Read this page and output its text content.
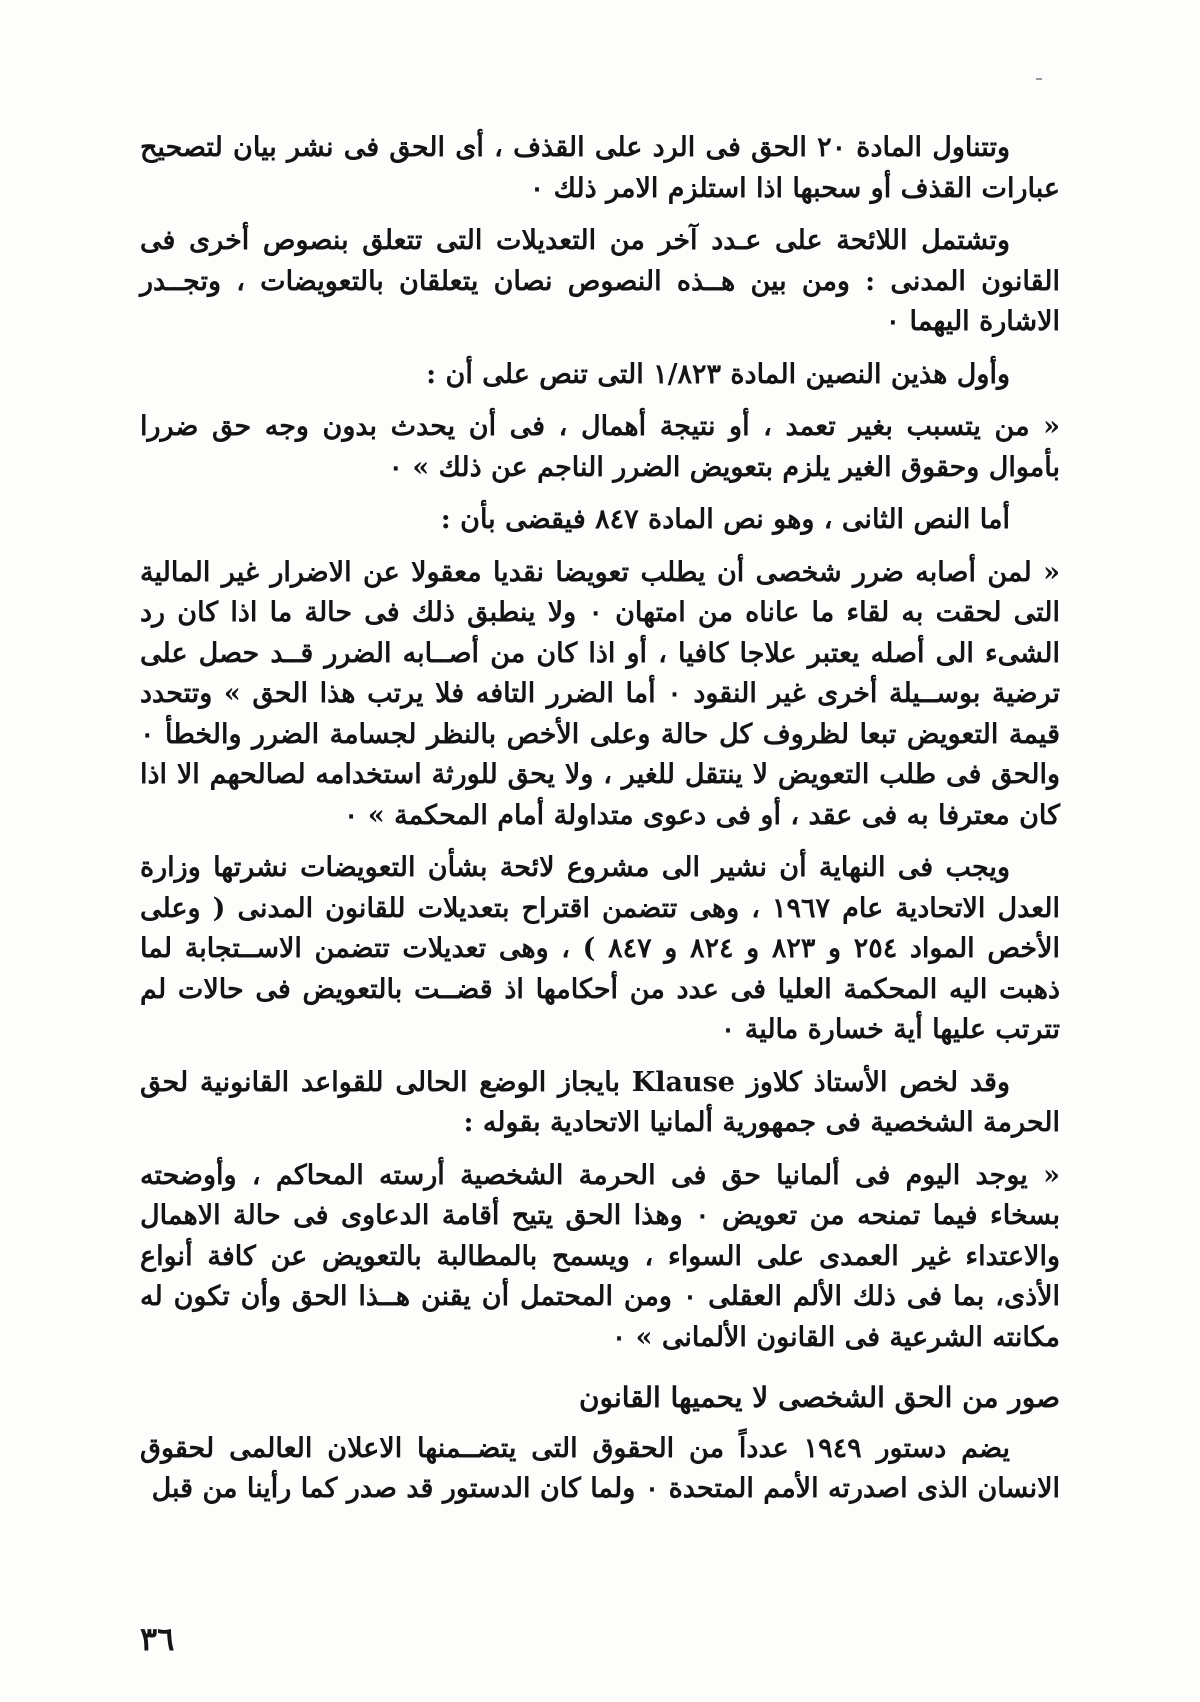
وتتناول المادة ٢٠ الحق فى الرد على القذف ، أى الحق فى نشر بيان لتصحيح عبارات القذف أو سحبها اذا استلزم الامر ذلك ٠

وتشتمل اللائحة على عـدد آخر من التعديلات التى تتعلق بنصوص أخرى فى القانون المدنى : ومن بين هــذه النصوص نصان يتعلقان بالتعويضات ، وتجــدر الاشارة اليهما ٠

وأول هذين النصين المادة ١/٨٢٣ التى تنص على أن :

« من يتسبب بغير تعمد ، أو نتيجة أهمال ، فى أن يحدث بدون وجه حق ضررا بأموال وحقوق الغير يلزم بتعويض الضرر الناجم عن ذلك » ٠

أما النص الثانى ، وهو نص المادة ٨٤٧ فيقضى بأن :

« لمن أصابه ضرر شخصى أن يطلب تعويضا نقديا معقولا عن الاضرار غير المالية التى لحقت به لقاء ما عاناه من امتهان ٠ ولا ينطبق ذلك فى حالة ما اذا كان رد الشىء الى أصله يعتبر علاجا كافيا ، أو اذا كان من أصــابه الضرر قــد حصل على ترضية بوســيلة أخرى غير النقود ٠ أما الضرر التافه فلا يرتب هذا الحق » وتتحدد قيمة التعويض تبعا لظروف كل حالة وعلى الأخص بالنظر لجسامة الضرر والخطأ ٠ والحق فى طلب التعويض لا ينتقل للغير ، ولا يحق للورثة استخدامه لصالحهم الا اذا كان معترفا به فى عقد ، أو فى دعوى متداولة أمام المحكمة » ٠

ويجب فى النهاية أن نشير الى مشروع لائحة بشأن التعويضات نشرتها وزارة العدل الاتحادية عام ١٩٦٧ ، وهى تتضمن اقتراح بتعديلات للقانون المدنى ( وعلى الأخص المواد ٢٥٤ و ٨٢٣ و ٨٢٤ و ٨٤٧ ) ، وهى تعديلات تتضمن الاســتجابة لما ذهبت اليه المحكمة العليا فى عدد من أحكامها اذ قضــت بالتعويض فى حالات لم تترتب عليها أية خسارة مالية ٠

وقد لخص الأستاذ كلاوز Klause بايجاز الوضع الحالى للقواعد القانونية لحق الحرمة الشخصية فى جمهورية ألمانيا الاتحادية بقوله :

« يوجد اليوم فى ألمانيا حق فى الحرمة الشخصية أرسته المحاكم ، وأوضحته بسخاء فيما تمنحه من تعويض ٠ وهذا الحق يتيح أقامة الدعاوى فى حالة الاهمال والاعتداء غير العمدى على السواء ، ويسمح بالمطالبة بالتعويض عن كافة أنواع الأذى، بما فى ذلك الألم العقلى ٠ ومن المحتمل أن يقنن هــذا الحق وأن تكون له مكانته الشرعية فى القانون الألمانى » ٠

صور من الحق الشخصى لا يحميها القانون

يضم دستور ١٩٤٩ عدداً من الحقوق التى يتضــمنها الاعلان العالمى لحقوق الانسان الذى اصدرته الأمم المتحدة ٠ ولما كان الدستور قد صدر كما رأينا من قبل

٣٦
